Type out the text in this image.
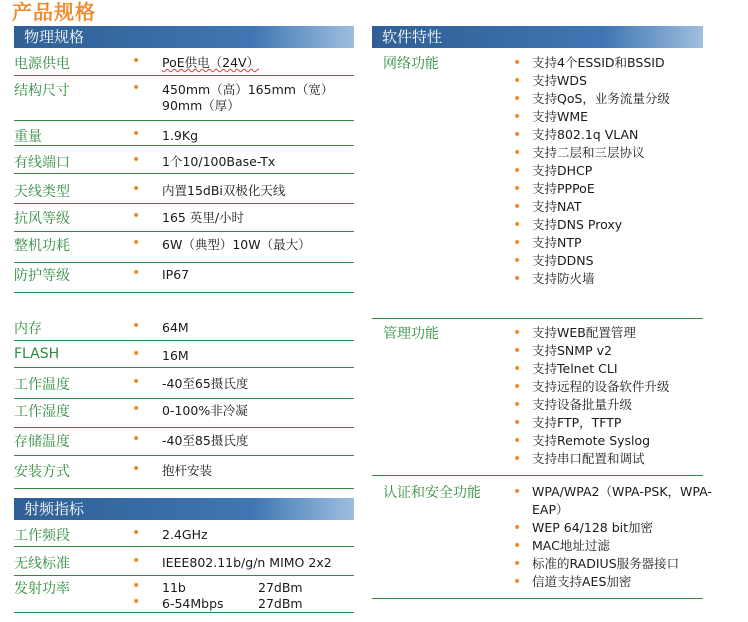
产品规格
物理规格
射频指标
软件特性
电源供电	• PoE供电（24V）
结构尺寸	• 450mm（高）165mm（宽）
90mm（厚）
重量	• 1.9Kg
有线端口	• 1个10/100Base-Tx
天线类型	• 内置15dBi双极化天线
抗风等级	• 165 英里/小时
整机功耗	• 6W（典型）10W（最大）
防护等级	• IP67
内存	• 64M
FLASH	• 16M
工作温度	• -40至65摄氏度
工作湿度	• 0-100%非冷凝
存储温度	• -40至85摄氏度
安装方式	• 抱杆安装
工作频段	• 2.4GHz
无线标准	• IEEE802.11b/g/n MIMO 2x2
发射功率	• 11b	27dBm
• 6-54Mbps	27dBm
网络功能	• 支持4个ESSID和BSSID
• 支持WDS
• 支持QoS，业务流量分级
• 支持WME
• 支持802.1q VLAN
• 支持二层和三层协议
• 支持DHCP
• 支持PPPoE
• 支持NAT
• 支持DNS Proxy
• 支持NTP
• 支持DDNS
• 支持防火墙
管理功能	• 支持WEB配置管理
• 支持SNMP v2
• 支持Telnet CLI
• 支持远程的设备软件升级
• 支持设备批量升级
• 支持FTP，TFTP
• 支持Remote Syslog
• 支持串口配置和调试
认证和安全功能	• WPA/WPA2（WPA-PSK，WPA-EAP）
• WEP 64/128 bit加密
• MAC地址过滤
• 标准的RADIUS服务器接口
• 信道支持AES加密
